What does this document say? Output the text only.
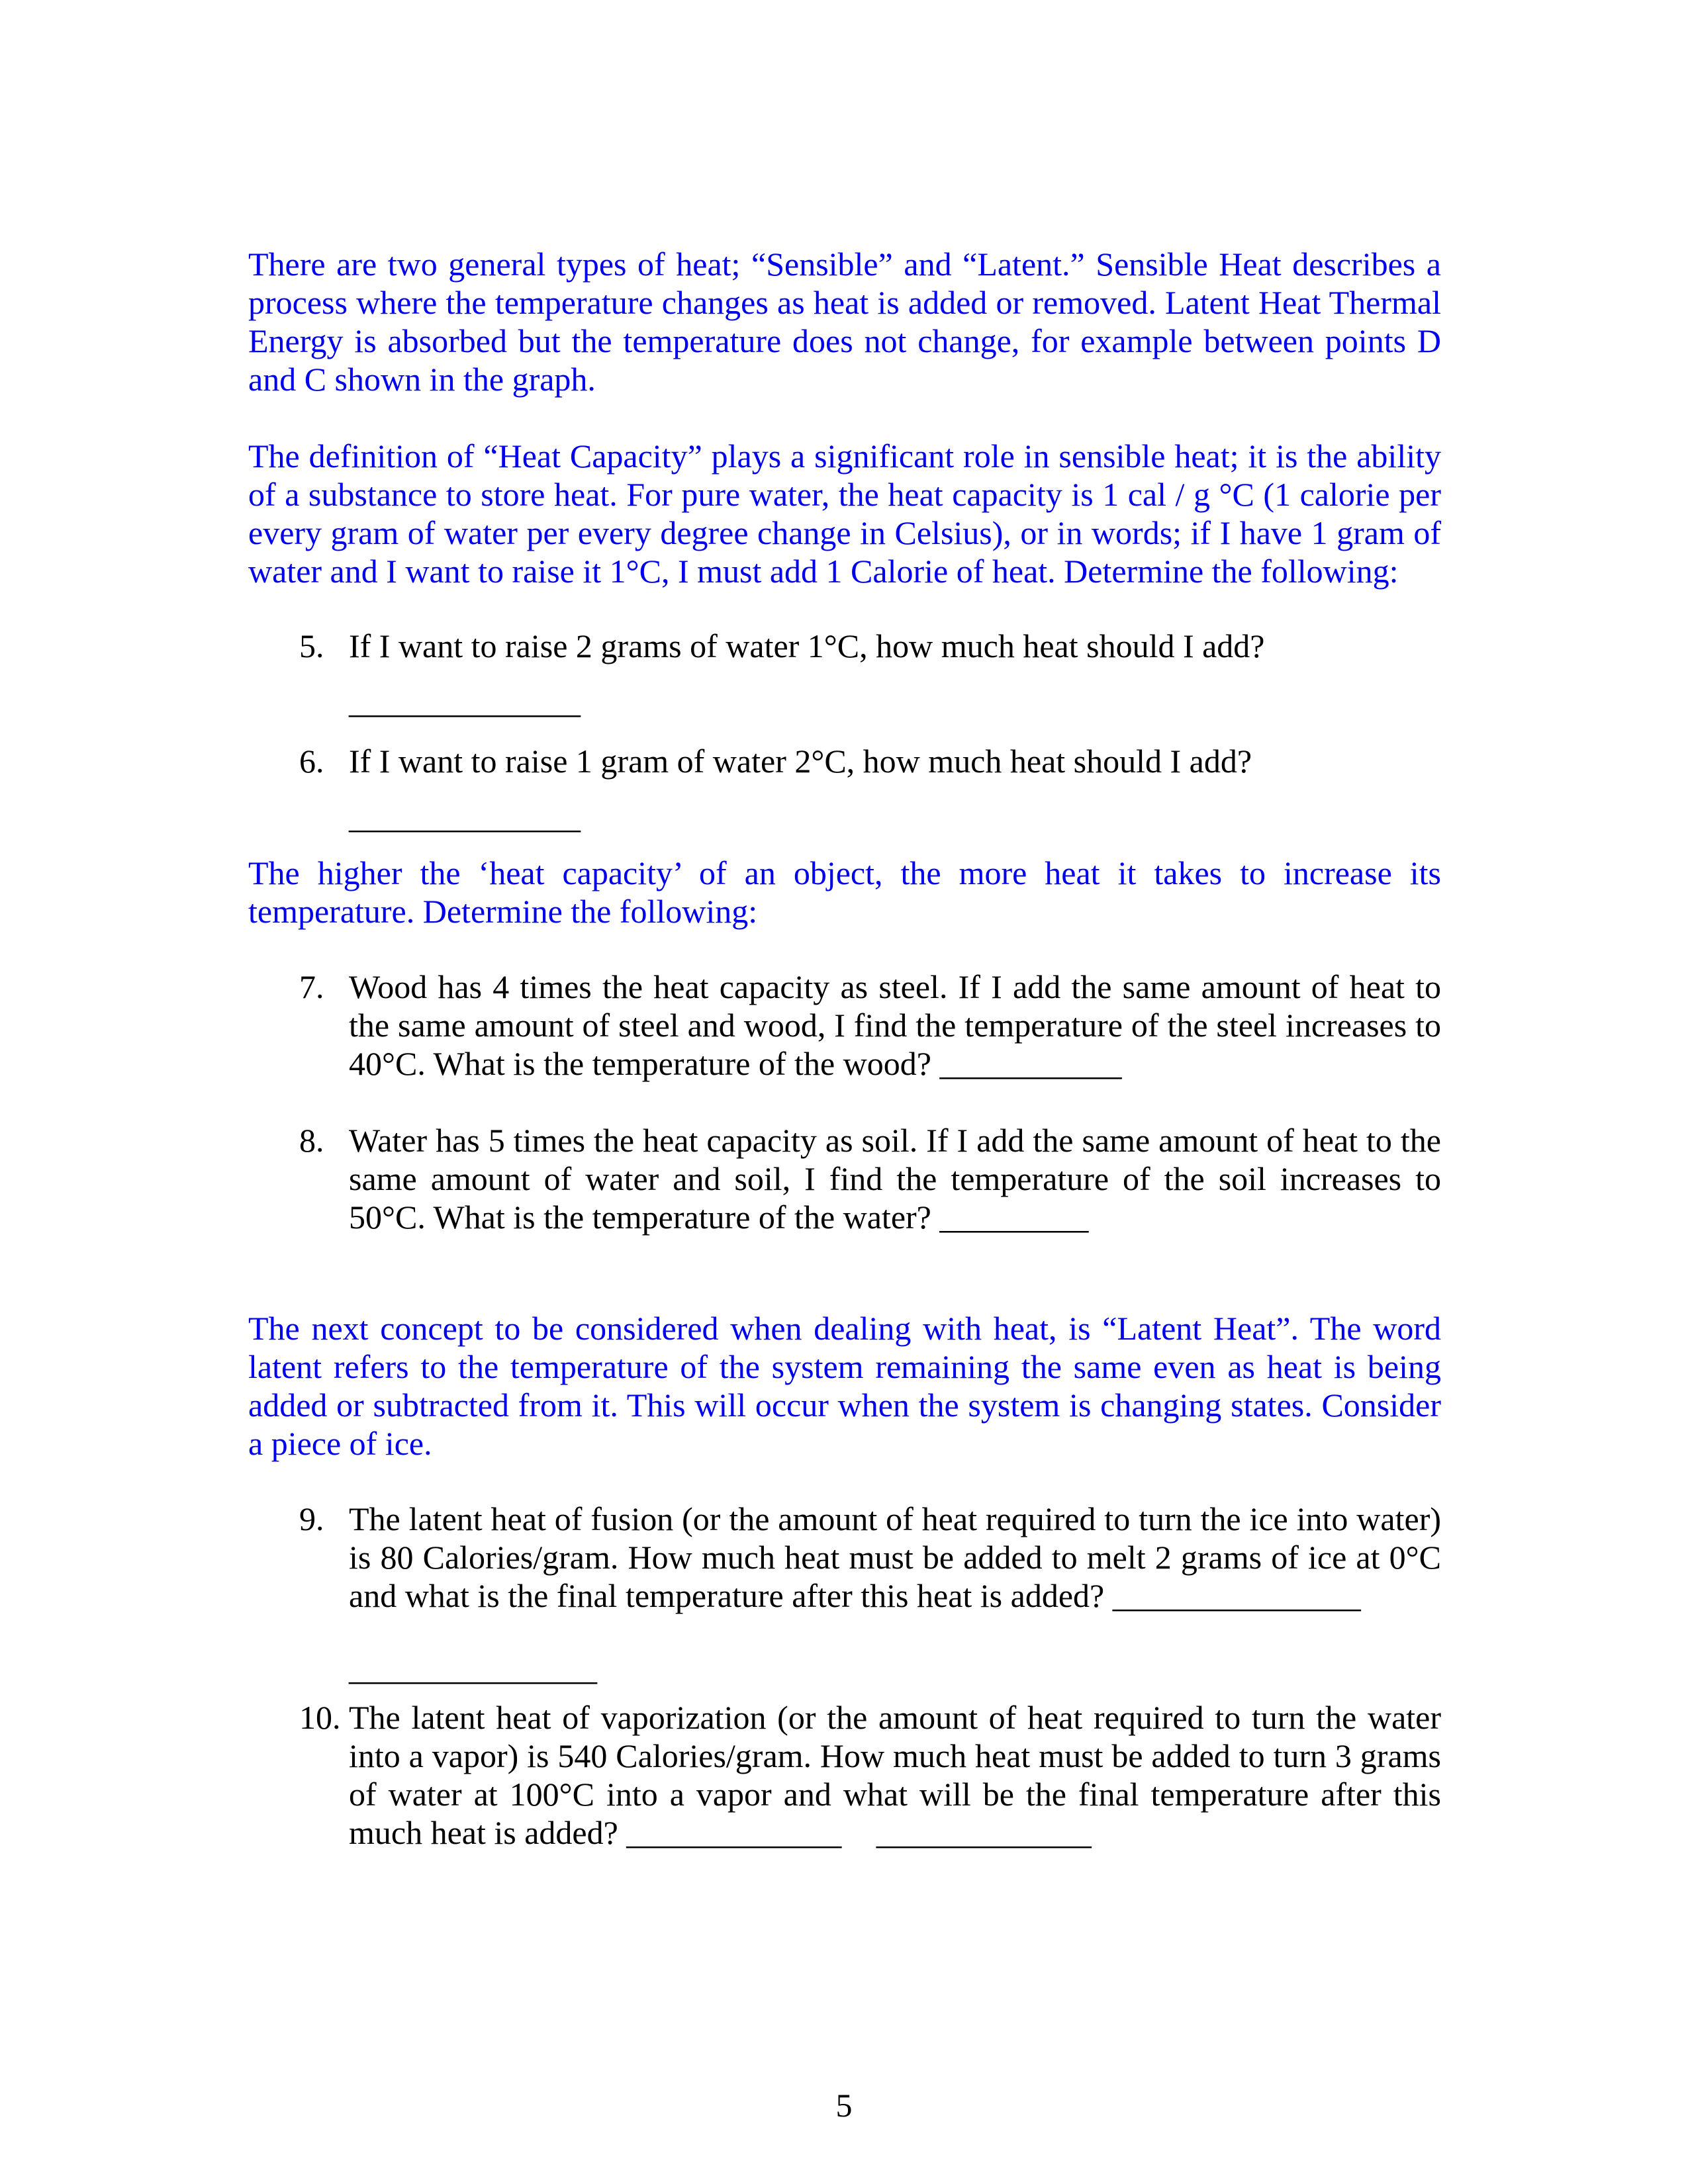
There are two general types of heat; “Sensible” and “Latent.” Sensible Heat describes a process where the temperature changes as heat is added or removed. Latent Heat Thermal Energy is absorbed but the temperature does not change, for example between points D and C shown in the graph.

The definition of “Heat Capacity” plays a significant role in sensible heat; it is the ability of a substance to store heat. For pure water, the heat capacity is 1 cal / g °C (1 calorie per every gram of water per every degree change in Celsius), or in words; if I have 1 gram of water and I want to raise it 1°C, I must add 1 Calorie of heat. Determine the following:

5. If I want to raise 2 grams of water 1°C, how much heat should I add?
______________
6. If I want to raise 1 gram of water 2°C, how much heat should I add?
______________

The higher the ‘heat capacity’ of an object, the more heat it takes to increase its temperature. Determine the following:

7. Wood has 4 times the heat capacity as steel. If I add the same amount of heat to the same amount of steel and wood, I find the temperature of the steel increases to 40°C. What is the temperature of the wood? ___________
8. Water has 5 times the heat capacity as soil. If I add the same amount of heat to the same amount of water and soil, I find the temperature of the soil increases to 50°C. What is the temperature of the water? _________

The next concept to be considered when dealing with heat, is “Latent Heat”. The word latent refers to the temperature of the system remaining the same even as heat is being added or subtracted from it. This will occur when the system is changing states. Consider a piece of ice.

9. The latent heat of fusion (or the amount of heat required to turn the ice into water) is 80 Calories/gram. How much heat must be added to melt 2 grams of ice at 0°C and what is the final temperature after this heat is added? _______________
_______________
10. The latent heat of vaporization (or the amount of heat required to turn the water into a vapor) is 540 Calories/gram. How much heat must be added to turn 3 grams of water at 100°C into a vapor and what will be the final temperature after this much heat is added? _____________ _____________
5
